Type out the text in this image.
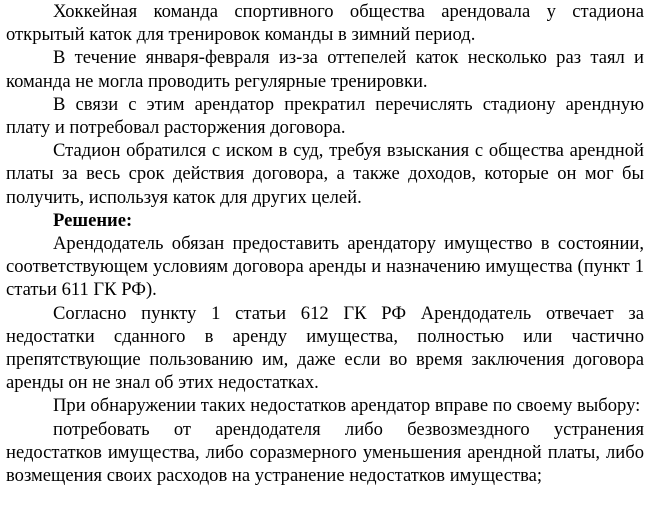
Хоккейная команда спортивного общества арендовала у стадиона открытый каток для тренировок команды в зимний период.

В течение января-февраля из-за оттепелей каток несколько раз таял и команда не могла проводить регулярные тренировки.

В связи с этим арендатор прекратил перечислять стадиону арендную плату и потребовал расторжения договора.

Стадион обратился с иском в суд, требуя взыскания с общества арендной платы за весь срок действия договора, а также доходов, которые он мог бы получить, используя каток для других целей.

Решение:

Арендодатель обязан предоставить арендатору имущество в состоянии, соответствующем условиям договора аренды и назначению имущества (пункт 1 статьи 611 ГК РФ).

Согласно пункту 1 статьи 612 ГК РФ Арендодатель отвечает за недостатки сданного в аренду имущества, полностью или частично препятствующие пользованию им, даже если во время заключения договора аренды он не знал об этих недостатках.

При обнаружении таких недостатков арендатор вправе по своему выбору:

потребовать от арендодателя либо безвозмездного устранения недостатков имущества, либо соразмерного уменьшения арендной платы, либо возмещения своих расходов на устранение недостатков имущества;
